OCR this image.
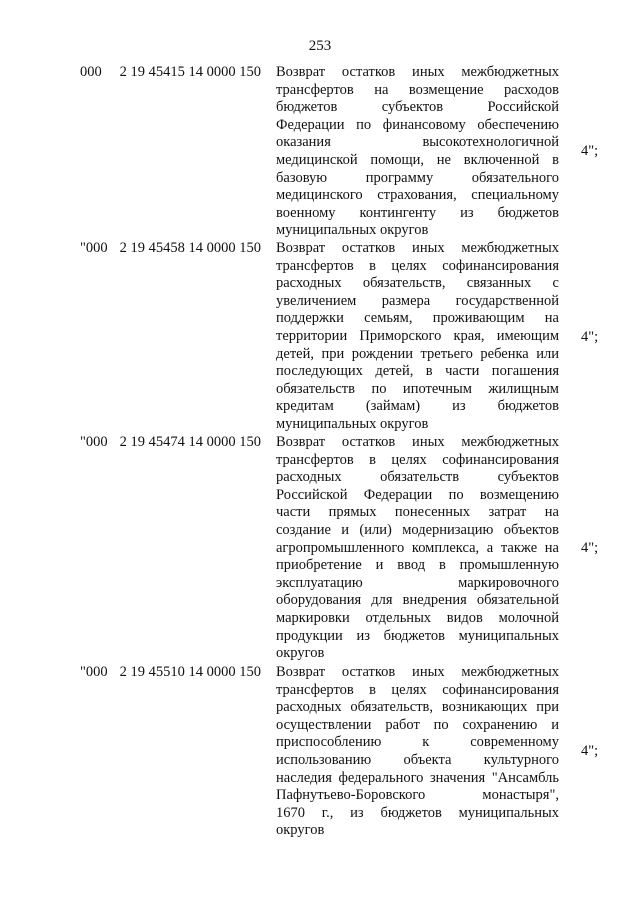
253
000 2 19 45415 14 0000 150 Возврат остатков иных межбюджетных
трансфертов на возмещение расходов
бюджетов субъектов Российской
Федерации по финансовому обеспечению
оказания высокотехнологичной
медицинской помощи, не включенной в
базовую программу обязательного
медицинского страхования, специальному
военному контингенту из бюджетов
муниципальных округов
4";
"000 2 19 45458 14 0000 150 Возврат остатков иных межбюджетных
трансфертов в целях софинансирования
расходных обязательств, связанных с
увеличением размера государственной
поддержки семьям, проживающим на
территории Приморского края, имеющим
детей, при рождении третьего ребенка или
последующих детей, в части погашения
обязательств по ипотечным жилищным
кредитам (займам) из бюджетов
муниципальных округов
4";
"000 2 19 45474 14 0000 150 Возврат остатков иных межбюджетных
трансфертов в целях софинансирования
расходных обязательств субъектов
Российской Федерации по возмещению
части прямых понесенных затрат на
создание и (или) модернизацию объектов
агропромышленного комплекса, а также на
приобретение и ввод в промышленную
эксплуатацию маркировочного
оборудования для внедрения обязательной
маркировки отдельных видов молочной
продукции из бюджетов муниципальных
округов
4";
"000 2 19 45510 14 0000 150 Возврат остатков иных межбюджетных
трансфертов в целях софинансирования
расходных обязательств, возникающих при
осуществлении работ по сохранению и
приспособлению к современному
использованию объекта культурного
наследия федерального значения "Ансамбль
Пафнутьево-Боровского монастыря",
1670 г., из бюджетов муниципальных
округов
4";
